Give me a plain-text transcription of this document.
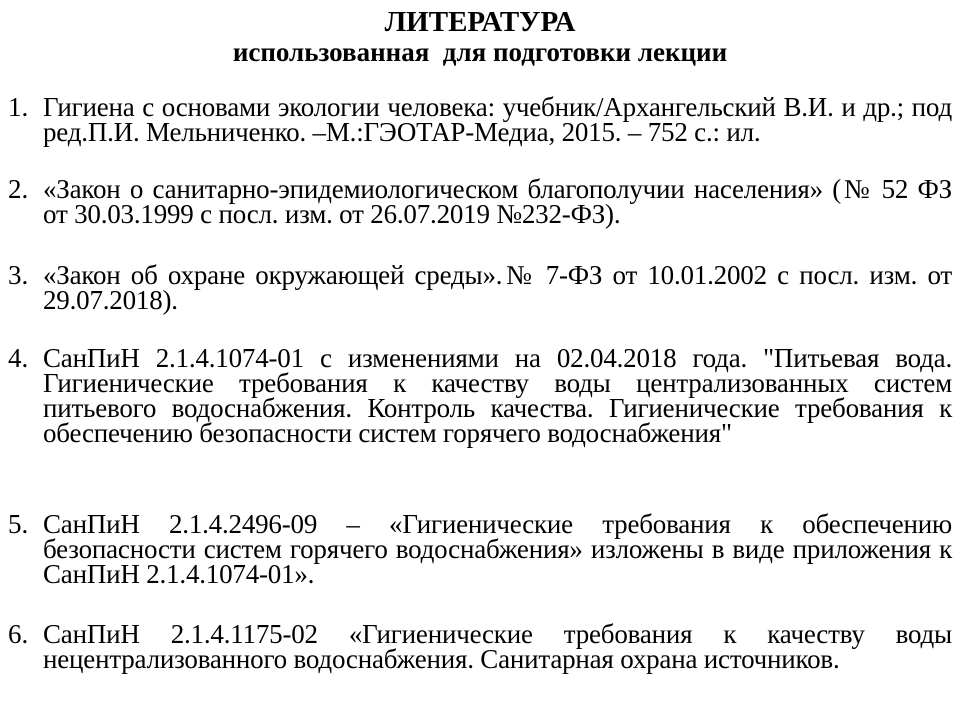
ЛИТЕРАТУРА
использованная  для подготовки лекции
1. Гигиена с основами экологии человека: учебник/Архангельский В.И. и др.; под ред.П.И. Мельниченко. –М.:ГЭОТАР-Медиа, 2015. – 752 с.: ил.
2. «Закон о санитарно-эпидемиологическом благополучии населения» (№ 52 ФЗ от 30.03.1999 с посл. изм. от 26.07.2019 №232-ФЗ).
3. «Закон об охране окружающей среды».№ 7-ФЗ от 10.01.2002 с посл. изм. от 29.07.2018).
4. СанПиН 2.1.4.1074-01 с изменениями на 02.04.2018 года. "Питьевая вода. Гигиенические требования к качеству воды централизованных систем питьевого водоснабжения. Контроль качества. Гигиенические требования к обеспечению безопасности систем горячего водоснабжения"
5. СанПиН 2.1.4.2496-09 – «Гигиенические требования к обеспечению безопасности систем горячего водоснабжения» изложены в виде приложения к СанПиН 2.1.4.1074-01».
6. СанПиН 2.1.4.1175-02 «Гигиенические требования к качеству воды нецентрализованного водоснабжения. Санитарная охрана источников.
